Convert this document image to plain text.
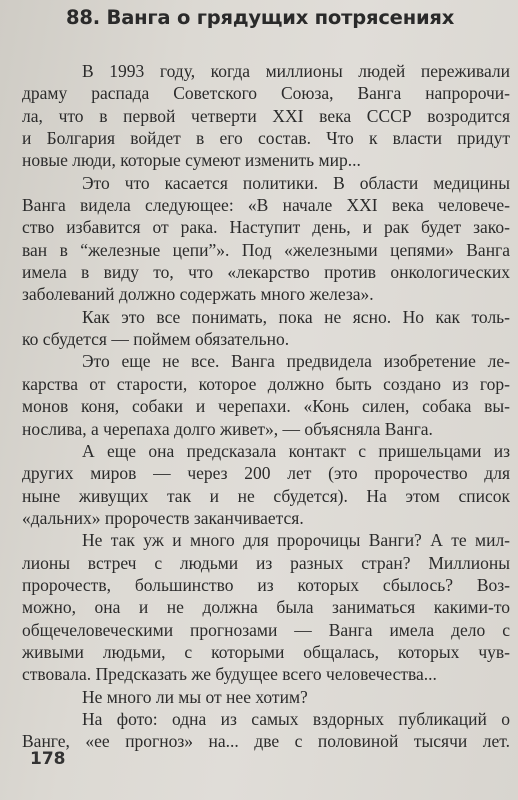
88. Ванга о грядущих потрясениях
В 1993 году, когда миллионы людей переживали
драму распада Советского Союза, Ванга напророчи-
ла, что в первой четверти XXI века СССР возродится
и Болгария войдет в его состав. Что к власти придут
новые люди, которые сумеют изменить мир...
Это что касается политики. В области медицины
Ванга видела следующее: «В начале XXI века человече-
ство избавится от рака. Наступит день, и рак будет зако-
ван в “железные цепи”». Под «железными цепями» Ванга
имела в виду то, что «лекарство против онкологических
заболеваний должно содержать много железа».
Как это все понимать, пока не ясно. Но как толь-
ко сбудется — поймем обязательно.
Это еще не все. Ванга предвидела изобретение ле-
карства от старости, которое должно быть создано из гор-
монов коня, собаки и черепахи. «Конь силен, собака вы-
нослива, а черепаха долго живет», — объясняла Ванга.
А еще она предсказала контакт с пришельцами из
других миров — через 200 лет (это пророчество для
ныне живущих так и не сбудется). На этом список
«дальних» пророчеств заканчивается.
Не так уж и много для пророчицы Ванги? А те мил-
лионы встреч с людьми из разных стран? Миллионы
пророчеств, большинство из которых сбылось? Воз-
можно, она и не должна была заниматься какими-то
общечеловеческими прогнозами — Ванга имела дело с
живыми людьми, с которыми общалась, которых чув-
ствовала. Предсказать же будущее всего человечества...
Не много ли мы от нее хотим?
На фото: одна из самых вздорных публикаций о
Ванге, «ее прогноз» на... две с половиной тысячи лет.
178
